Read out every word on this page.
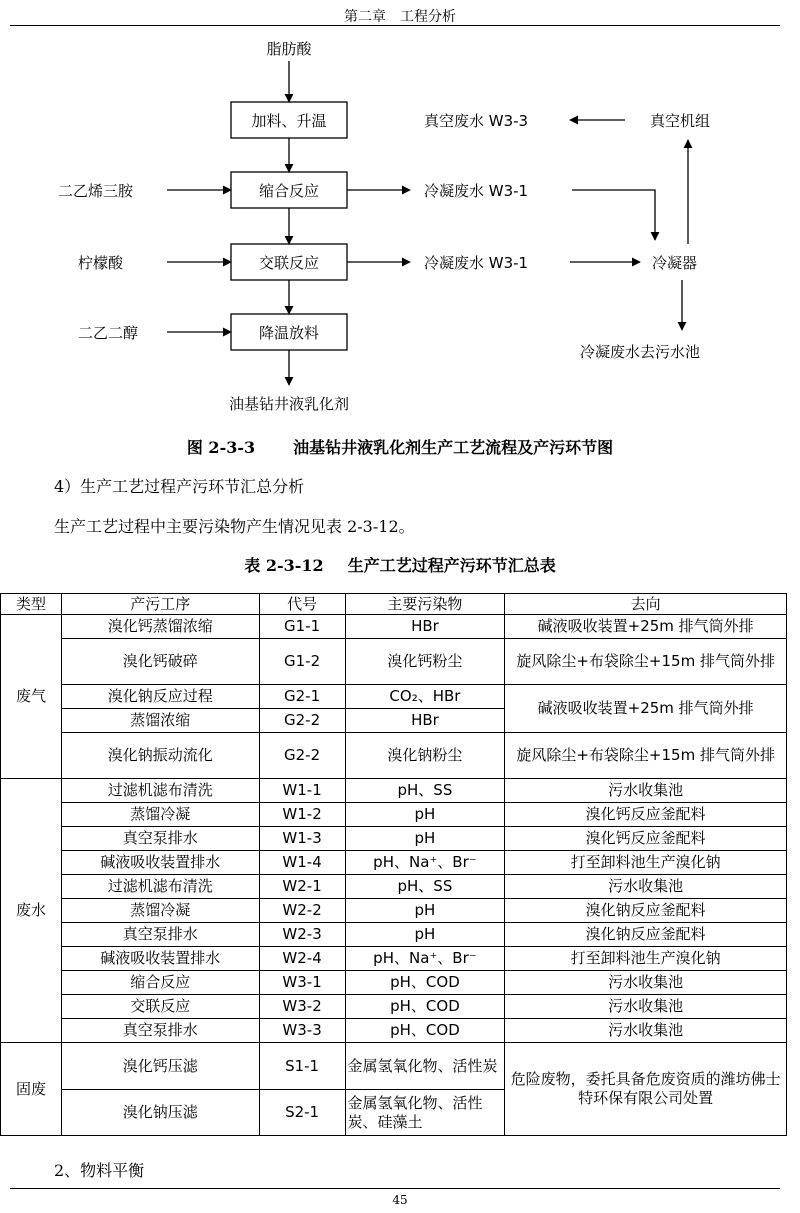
第二章　工程分析
脂肪酸
加料、升温
缩合反应
交联反应
降温放料
油基钻井液乳化剂
二乙烯三胺
柠檬酸
二乙二醇
真空废水 W3-3	真空机组
冷凝废水 W3-1
冷凝废水 W3-1	冷凝器
冷凝废水去污水池
图 2-3-3 油基钻井液乳化剂生产工艺流程及产污环节图
4）生产工艺过程产污环节汇总分析
生产工艺过程中主要污染物产生情况见表 2-3-12。
表 2-3-12 生产工艺过程产污环节汇总表
类型	产污工序	代号	主要污染物	去向
废气	溴化钙蒸馏浓缩	G1-1	HBr	碱液吸收装置+25m 排气筒外排
	溴化钙破碎	G1-2	溴化钙粉尘	旋风除尘+布袋除尘+15m 排气筒外排
	溴化钠反应过程	G2-1	CO₂、HBr	碱液吸收装置+25m 排气筒外排
	蒸馏浓缩	G2-2	HBr	
	溴化钠振动流化	G2-2	溴化钠粉尘	旋风除尘+布袋除尘+15m 排气筒外排
废水	过滤机滤布清洗	W1-1	pH、SS	污水收集池
	蒸馏冷凝	W1-2	pH	溴化钙反应釜配料
	真空泵排水	W1-3	pH	溴化钙反应釜配料
	碱液吸收装置排水	W1-4	pH、Na⁺、Br⁻	打至卸料池生产溴化钠
	过滤机滤布清洗	W2-1	pH、SS	污水收集池
	蒸馏冷凝	W2-2	pH	溴化钠反应釜配料
	真空泵排水	W2-3	pH	溴化钠反应釜配料
	碱液吸收装置排水	W2-4	pH、Na⁺、Br⁻	打至卸料池生产溴化钠
	缩合反应	W3-1	pH、COD	污水收集池
	交联反应	W3-2	pH、COD	污水收集池
	真空泵排水	W3-3	pH、COD	污水收集池
固废	溴化钙压滤	S1-1	金属氢氧化物、活性炭	危险废物，委托具备危废资质的潍坊佛士特环保有限公司处置
	溴化钠压滤	S2-1	金属氢氧化物、活性炭、硅藻土	
2、物料平衡
45
